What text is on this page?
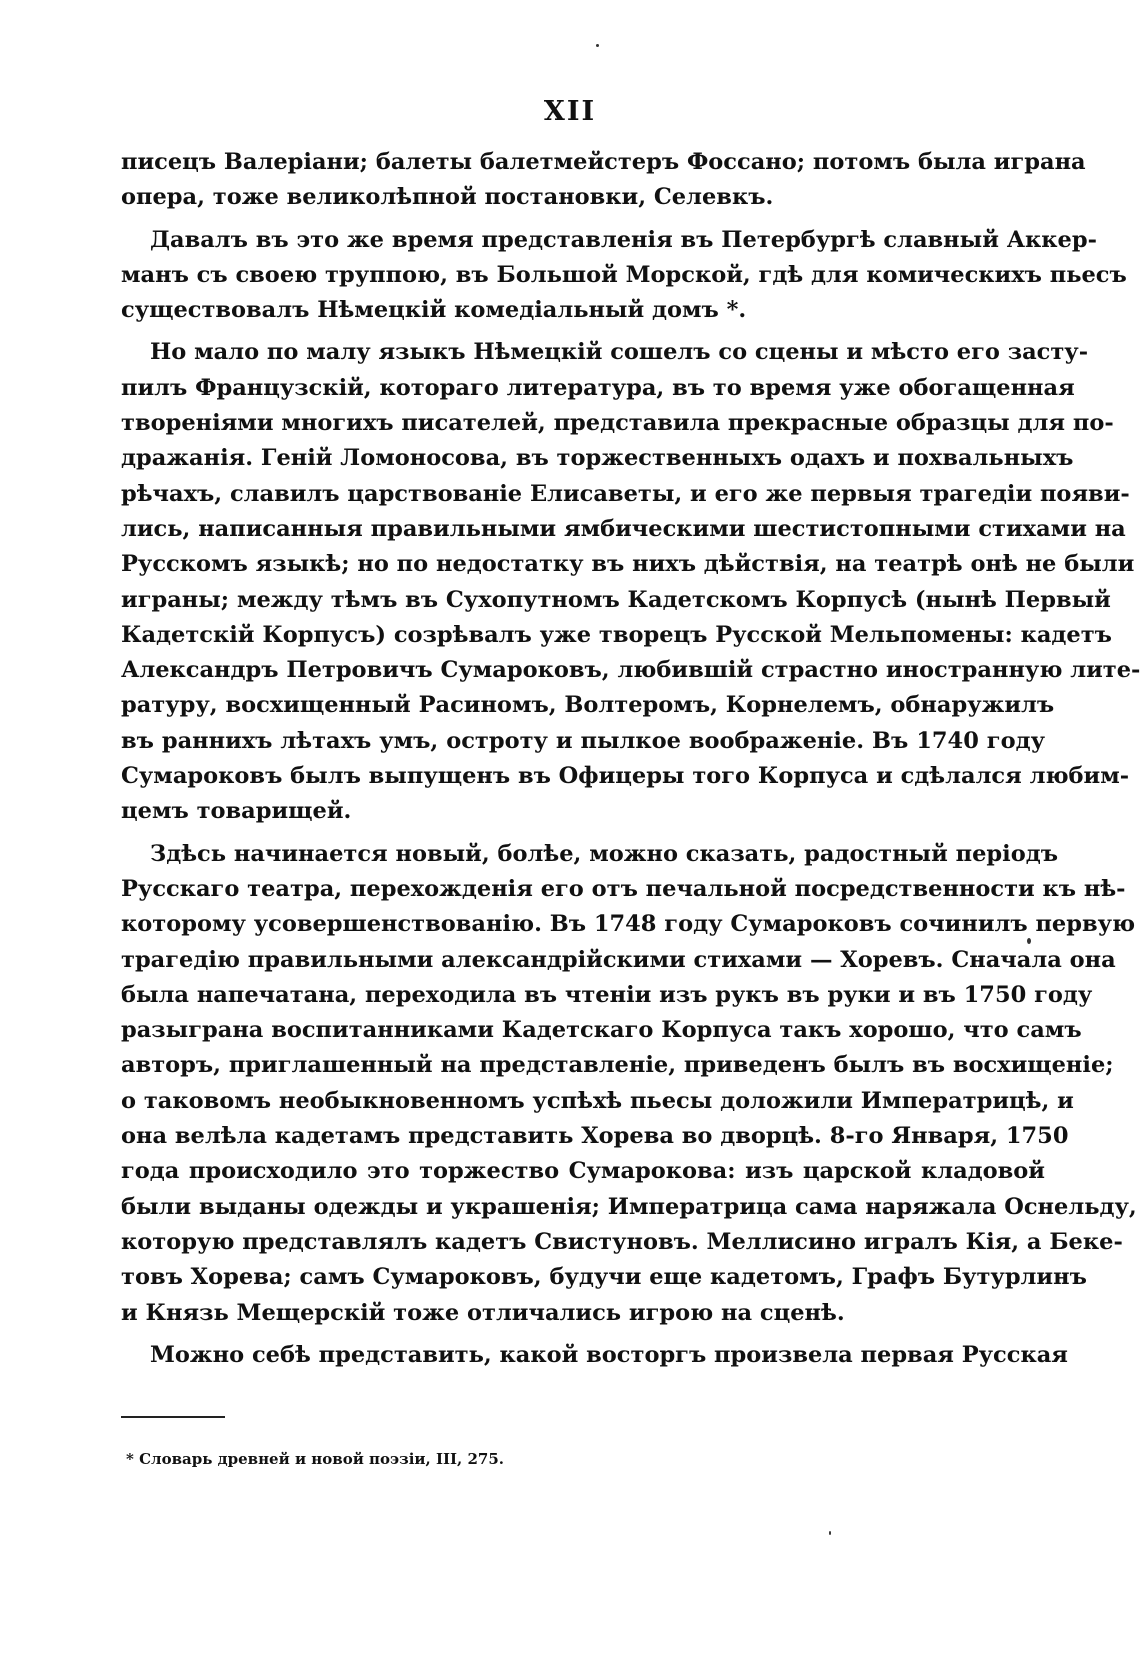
XII

писецъ Валеріани; балеты балетмейстеръ Фоссано; потомъ была играна
опера, тоже великолѣпной постановки, Селевкъ.

Давалъ въ это же время представленія въ Петербургѣ славный Аккер-
манъ съ своею труппою, въ Большой Морской, гдѣ для комическихъ пьесъ
существовалъ Нѣмецкій комедіальный домъ *.

Но мало по малу языкъ Нѣмецкій сошелъ со сцены и мѣсто его засту-
пилъ Французскій, котораго литература, въ то время уже обогащенная
твореніями многихъ писателей, представила прекрасные образцы для по-
дражанія. Геній Ломоносова, въ торжественныхъ одахъ и похвальныхъ
рѣчахъ, славилъ царствованіе Елисаветы, и его же первыя трагедіи появи-
лись, написанныя правильными ямбическими шестистопными стихами на
Русскомъ языкѣ; но по недостатку въ нихъ дѣйствія, на театрѣ онѣ не были
играны; между тѣмъ въ Сухопутномъ Кадетскомъ Корпусѣ (нынѣ Первый
Кадетскій Корпусъ) созрѣвалъ уже творецъ Русской Мельпомены: кадетъ
Александръ Петровичъ Сумароковъ, любившій страстно иностранную лите-
ратуру, восхищенный Расиномъ, Волтеромъ, Корнелемъ, обнаружилъ
въ раннихъ лѣтахъ умъ, остроту и пылкое воображеніе. Въ 1740 году
Сумароковъ былъ выпущенъ въ Офицеры того Корпуса и сдѣлался любим-
цемъ товарищей.

Здѣсь начинается новый, болѣе, можно сказать, радостный періодъ
Русскаго театра, перехожденія его отъ печальной посредственности къ нѣ-
которому усовершенствованію. Въ 1748 году Сумароковъ сочинилъ первую
трагедію правильными александрійскими стихами — Хоревъ. Сначала она
была напечатана, переходила въ чтеніи изъ рукъ въ руки и въ 1750 году
разыграна воспитанниками Кадетскаго Корпуса такъ хорошо, что самъ
авторъ, приглашенный на представленіе, приведенъ былъ въ восхищеніе;
о таковомъ необыкновенномъ успѣхѣ пьесы доложили Императрицѣ, и
она велѣла кадетамъ представить Хорева во дворцѣ. 8-го Января, 1750
года происходило это торжество Сумарокова: изъ царской кладовой
были выданы одежды и украшенія; Императрица сама наряжала Оснельду,
которую представлялъ кадетъ Свистуновъ. Меллисино игралъ Кія, а Беке-
товъ Хорева; самъ Сумароковъ, будучи еще кадетомъ, Графъ Бутурлинъ
и Князь Мещерскій тоже отличались игрою на сценѣ.

Можно себѣ представить, какой восторгъ произвела первая Русская

* Словарь древней и новой поэзіи, III, 275.
